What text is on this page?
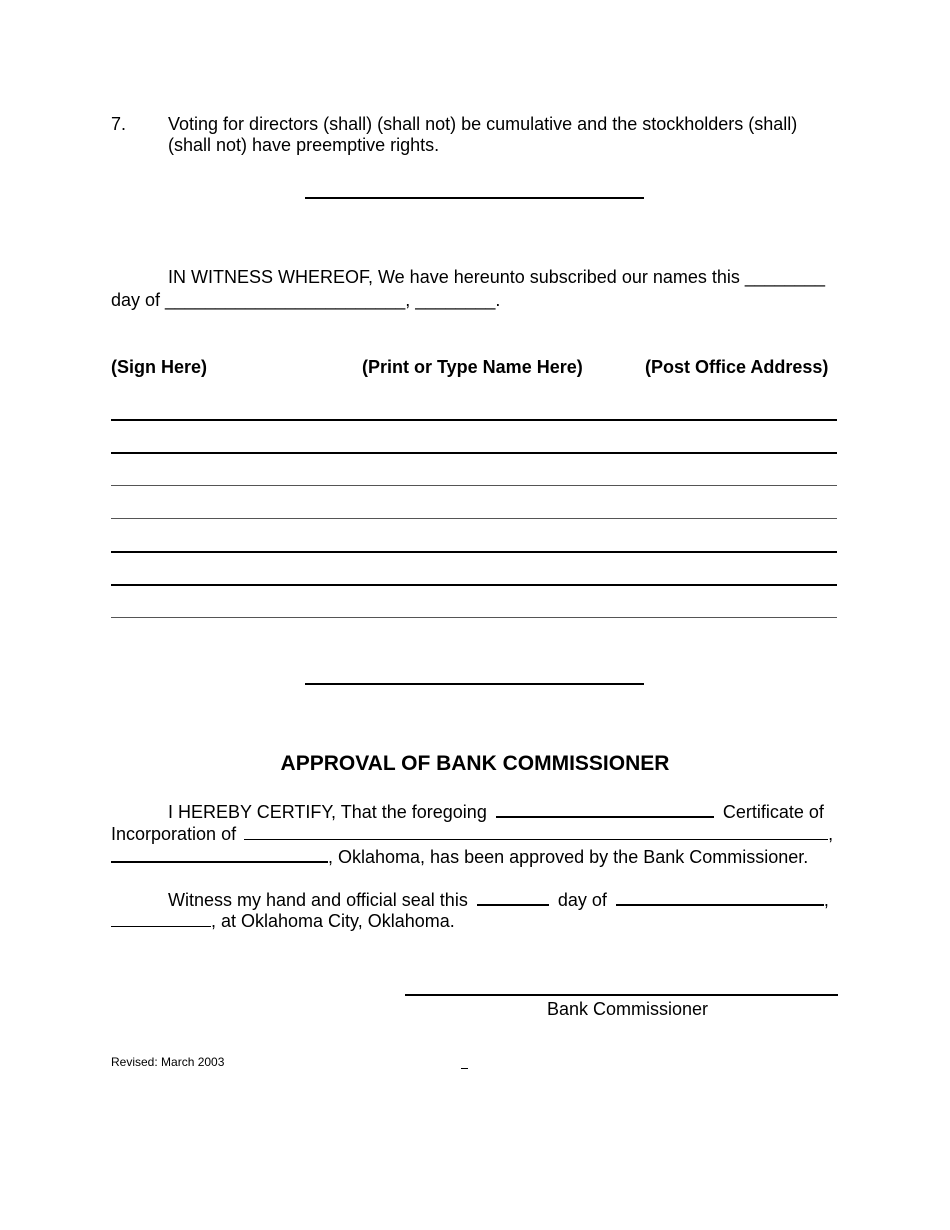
7. Voting for directors (shall) (shall not) be cumulative and the stockholders (shall)
(shall not) have preemptive rights.
IN WITNESS WHEREOF, We have hereunto subscribed our names this ________
day of ________________________, ________.
(Sign Here)	(Print or Type Name Here)	(Post Office Address)
APPROVAL OF BANK COMMISSIONER
I HEREBY CERTIFY, That the foregoing	Certificate of
Incorporation of	,
, Oklahoma, has been approved by the Bank Commissioner.
Witness my hand and official seal this	day of	,
, at Oklahoma City, Oklahoma.
Bank Commissioner
Revised: March 2003
